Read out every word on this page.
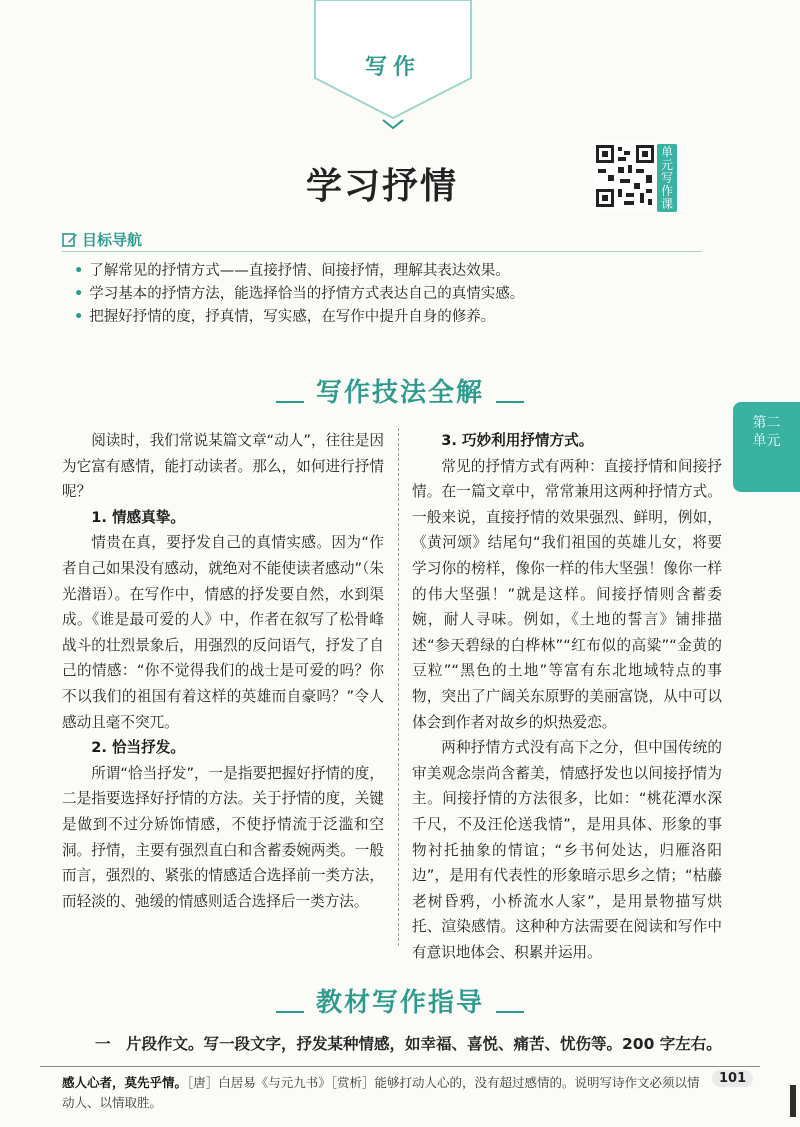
写作
学习抒情
单元写作课
目标导航
• 了解常见的抒情方式——直接抒情、间接抒情，理解其表达效果。
• 学习基本的抒情方法，能选择恰当的抒情方式表达自己的真情实感。
• 把握好抒情的度，抒真情，写实感，在写作中提升自身的修养。
写作技法全解

阅读时，我们常说某篇文章“动人”，往往是因为它富有感情，能打动读者。那么，如何进行抒情呢？

1. 情感真挚。

情贵在真，要抒发自己的真情实感。因为“作者自己如果没有感动，就绝对不能使读者感动”（朱光潜语）。在写作中，情感的抒发要自然，水到渠成。《谁是最可爱的人》中，作者在叙写了松骨峰战斗的壮烈景象后，用强烈的反问语气，抒发了自己的情感：“你不觉得我们的战士是可爱的吗？你不以我们的祖国有着这样的英雄而自豪吗？”令人感动且毫不突兀。

2. 恰当抒发。

所谓“恰当抒发”，一是指要把握好抒情的度，二是指要选择好抒情的方法。关于抒情的度，关键是做到不过分矫饰情感，不使抒情流于泛滥和空洞。抒情，主要有强烈直白和含蓄委婉两类。一般而言，强烈的、紧张的情感适合选择前一类方法，而轻淡的、弛缓的情感则适合选择后一类方法。

3. 巧妙利用抒情方式。

常见的抒情方式有两种：直接抒情和间接抒情。在一篇文章中，常常兼用这两种抒情方式。一般来说，直接抒情的效果强烈、鲜明，例如，《黄河颂》结尾句“我们祖国的英雄儿女，将要学习你的榜样，像你一样的伟大坚强！像你一样的伟大坚强！”就是这样。间接抒情则含蓄委婉，耐人寻味。例如，《土地的誓言》铺排描述“参天碧绿的白桦林”“红布似的高粱”“金黄的豆粒”“黑色的土地”等富有东北地域特点的事物，突出了广阔关东原野的美丽富饶，从中可以体会到作者对故乡的炽热爱恋。

两种抒情方式没有高下之分，但中国传统的审美观念崇尚含蓄美，情感抒发也以间接抒情为主。间接抒情的方法很多，比如：“桃花潭水深千尺，不及汪伦送我情”，是用具体、形象的事物衬托抽象的情谊；“乡书何处达，归雁洛阳边”，是用有代表性的形象暗示思乡之情；“枯藤老树昏鸦，小桥流水人家”，是用景物描写烘托、渲染感情。这种种方法需要在阅读和写作中有意识地体会、积累并运用。

第二单元
教材写作指导
一　片段作文。写一段文字，抒发某种情感，如幸福、喜悦、痛苦、忧伤等。200 字左右。
感人心者，莫先乎情。［唐］白居易《与元九书》［赏析］能够打动人心的，没有超过感情的。说明写诗作文必须以情动人、以情取胜。
101
